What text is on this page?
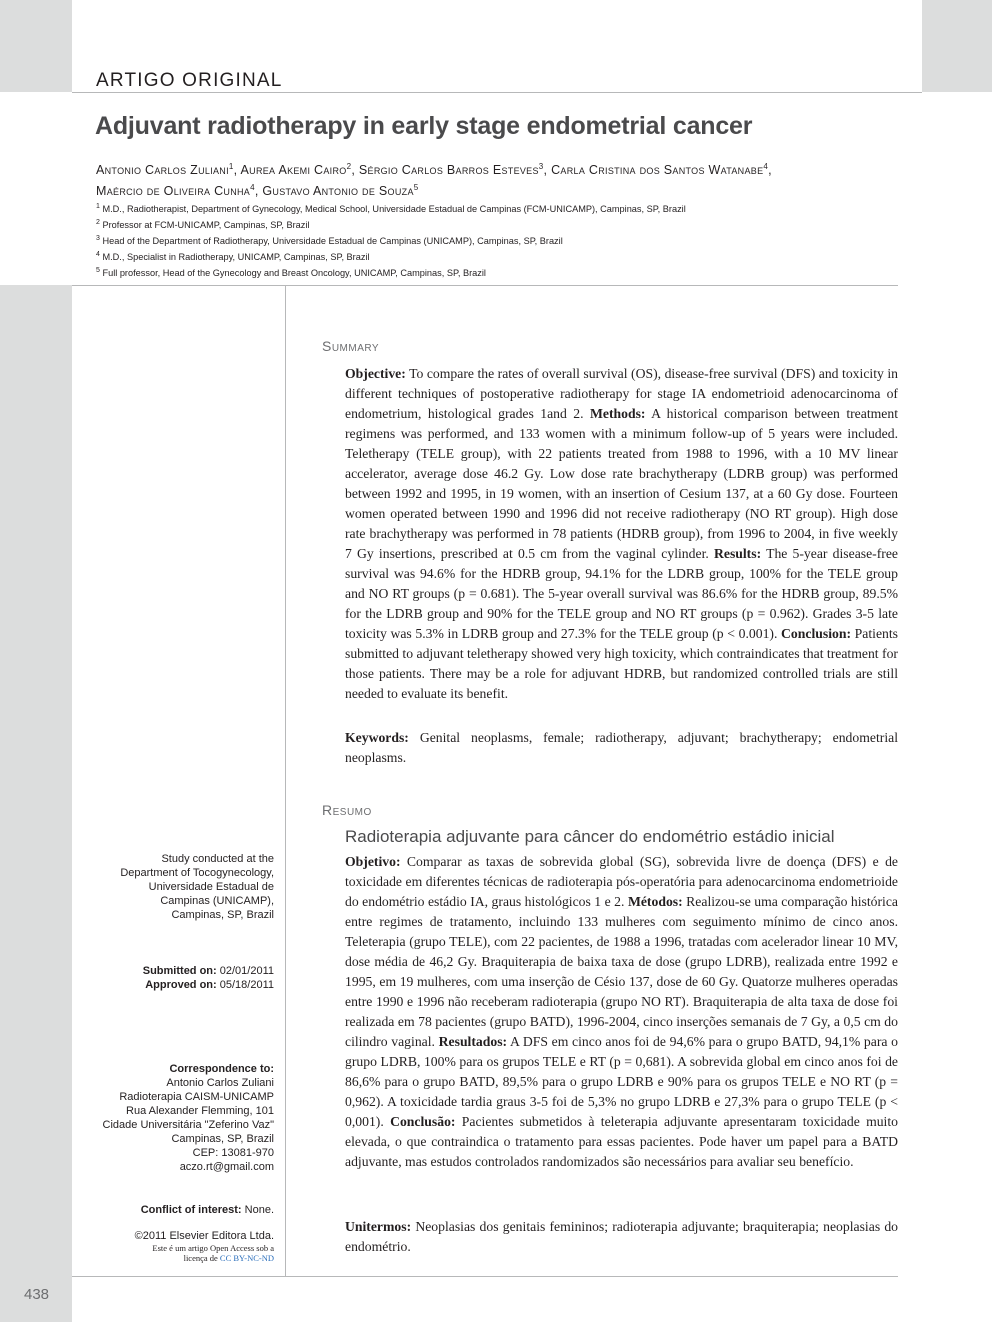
ARTIGO ORIGINAL
Adjuvant radiotherapy in early stage endometrial cancer
Antonio Carlos Zuliani$^1$, Aurea Akemi Cairo$^2$, Sérgio Carlos Barros Esteves$^3$, Carla Cristina dos Santos Watanabe$^4$,
Maércio de Oliveira Cunha$^4$, Gustavo Antonio de Souza$^5$
$^1$ M.D., Radiotherapist, Department of Gynecology, Medical School, Universidade Estadual de Campinas (FCM-UNICAMP), Campinas, SP, Brazil
$^2$ Professor at FCM-UNICAMP, Campinas, SP, Brazil
$^3$ Head of the Department of Radiotherapy, Universidade Estadual de Campinas (UNICAMP), Campinas, SP, Brazil
$^4$ M.D., Specialist in Radiotherapy, UNICAMP, Campinas, SP, Brazil
$^5$ Full professor, Head of the Gynecology and Breast Oncology, UNICAMP, Campinas, SP, Brazil
Summary

Objective: To compare the rates of overall survival (OS), disease-free survival (DFS) and toxicity in different techniques of postoperative radiotherapy for stage IA endometrioid adenocarcinoma of endometrium, histological grades 1and 2. Methods: A historical comparison between treatment regimens was performed, and 133 women with a minimum follow-up of 5 years were included. Teletherapy (TELE group), with 22 patients treated from 1988 to 1996, with a 10 MV linear accelerator, average dose 46.2 Gy. Low dose rate brachytherapy (LDRB group) was performed between 1992 and 1995, in 19 women, with an insertion of Cesium 137, at a 60 Gy dose. Fourteen women operated between 1990 and 1996 did not receive radiotherapy (NO RT group). High dose rate brachytherapy was performed in 78 patients (HDRB group), from 1996 to 2004, in five weekly 7 Gy insertions, prescribed at 0.5 cm from the vaginal cylinder. Results: The 5-year disease-free survival was 94.6% for the HDRB group, 94.1% for the LDRB group, 100% for the TELE group and NO RT groups (p = 0.681). The 5-year overall survival was 86.6% for the HDRB group, 89.5% for the LDRB group and 90% for the TELE group and NO RT groups (p = 0.962). Grades 3-5 late toxicity was 5.3% in LDRB group and 27.3% for the TELE group (p < 0.001). Conclusion: Patients submitted to adjuvant teletherapy showed very high toxicity, which contraindicates that treatment for those patients. There may be a role for adjuvant HDRB, but randomized controlled trials are still needed to evaluate its benefit.

Keywords: Genital neoplasms, female; radiotherapy, adjuvant; brachytherapy; endometrial neoplasms.

Resumo
Radioterapia adjuvante para câncer do endométrio estádio inicial

Objetivo: Comparar as taxas de sobrevida global (SG), sobrevida livre de doença (DFS) e de toxicidade em diferentes técnicas de radioterapia pós-operatória para adenocarcinoma endometrioide do endométrio estádio IA, graus histológicos 1 e 2. Métodos: Realizou-se uma comparação histórica entre regimes de tratamento, incluindo 133 mulheres com seguimento mínimo de cinco anos. Teleterapia (grupo TELE), com 22 pacientes, de 1988 a 1996, tratadas com acelerador linear 10 MV, dose média de 46,2 Gy. Braquiterapia de baixa taxa de dose (grupo LDRB), realizada entre 1992 e 1995, em 19 mulheres, com uma inserção de Césio 137, dose de 60 Gy. Quatorze mulheres operadas entre 1990 e 1996 não receberam radioterapia (grupo NO RT). Braquiterapia de alta taxa de dose foi realizada em 78 pacientes (grupo BATD), 1996-2004, cinco inserções semanais de 7 Gy, a 0,5 cm do cilindro vaginal. Resultados: A DFS em cinco anos foi de 94,6% para o grupo BATD, 94,1% para o grupo LDRB, 100% para os grupos TELE e RT (p = 0,681). A sobrevida global em cinco anos foi de 86,6% para o grupo BATD, 89,5% para o grupo LDRB e 90% para os grupos TELE e NO RT (p = 0,962). A toxicidade tardia graus 3-5 foi de 5,3% no grupo LDRB e 27,3% para o grupo TELE (p < 0,001). Conclusão: Pacientes submetidos à teleterapia adjuvante apresentaram toxicidade muito elevada, o que contraindica o tratamento para essas pacientes. Pode haver um papel para a BATD adjuvante, mas estudos controlados randomizados são necessários para avaliar seu benefício.

Unitermos: Neoplasias dos genitais femininos; radioterapia adjuvante; braquiterapia; neoplasias do endométrio.

Study conducted at the
Department of Tocogynecology,
Universidade Estadual de
Campinas (UNICAMP),
Campinas, SP, Brazil
Submitted on: 02/01/2011
Approved on: 05/18/2011
Correspondence to:
Antonio Carlos Zuliani
Radioterapia CAISM-UNICAMP
Rua Alexander Flemming, 101
Cidade Universitária "Zeferino Vaz"
Campinas, SP, Brazil
CEP: 13081-970
aczo.rt@gmail.com
Conflict of interest: None.
©2011 Elsevier Editora Ltda.
Este é um artigo Open Access sob a
licença de CC BY-NC-ND
438
